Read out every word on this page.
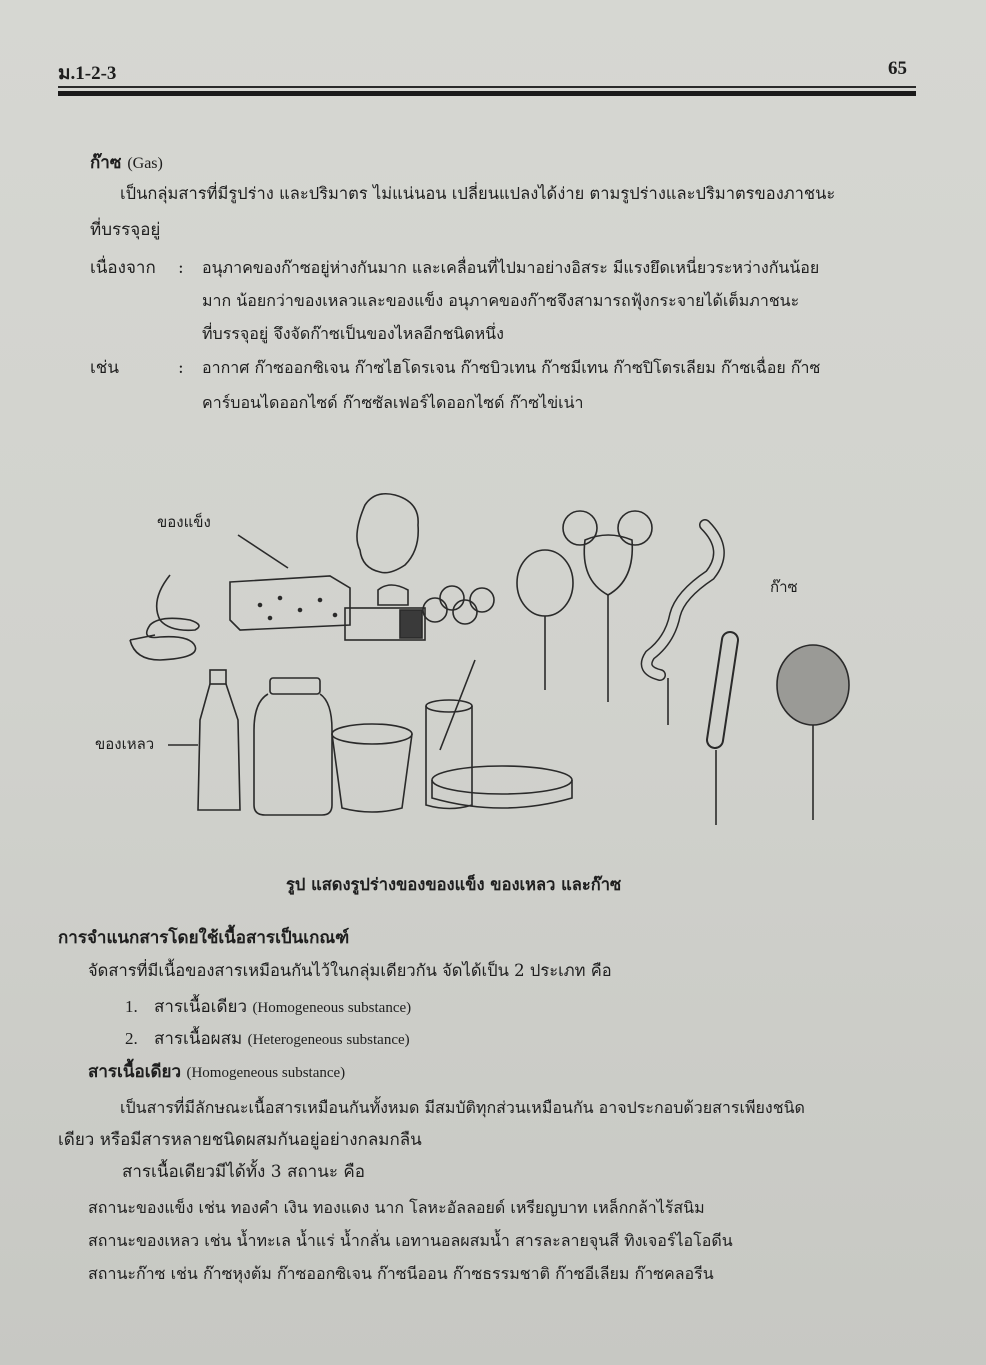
ม.1-2-3	65
ก๊าซ (Gas)
เป็นกลุ่มสารที่มีรูปร่าง และปริมาตร ไม่แน่นอน เปลี่ยนแปลงได้ง่าย ตามรูปร่างและปริมาตรของภาชนะ
ที่บรรจุอยู่
เนื่องจาก : อนุภาคของก๊าซอยู่ห่างกันมาก และเคลื่อนที่ไปมาอย่างอิสระ มีแรงยึดเหนี่ยวระหว่างกันน้อย
มาก น้อยกว่าของเหลวและของแข็ง อนุภาคของก๊าซจึงสามารถฟุ้งกระจายได้เต็มภาชนะ
ที่บรรจุอยู่ จึงจัดก๊าซเป็นของไหลอีกชนิดหนึ่ง
เช่น	: อากาศ ก๊าซออกซิเจน ก๊าซไฮโดรเจน ก๊าซบิวเทน ก๊าซมีเทน ก๊าซปิโตรเลียม ก๊าซเฉื่อย ก๊าซ
คาร์บอนไดออกไซด์ ก๊าซซัลเฟอร์ไดออกไซด์ ก๊าซไข่เน่า
ของแข็ง
ของเหลว
ก๊าซ
รูป แสดงรูปร่างของของแข็ง ของเหลว และก๊าซ
การจำแนกสารโดยใช้เนื้อสารเป็นเกณฑ์
จัดสารที่มีเนื้อของสารเหมือนกันไว้ในกลุ่มเดียวกัน จัดได้เป็น 2 ประเภท คือ
1. สารเนื้อเดียว (Homogeneous substance)
2. สารเนื้อผสม (Heterogeneous substance)
สารเนื้อเดียว (Homogeneous substance)
เป็นสารที่มีลักษณะเนื้อสารเหมือนกันทั้งหมด มีสมบัติทุกส่วนเหมือนกัน อาจประกอบด้วยสารเพียงชนิด
เดียว หรือมีสารหลายชนิดผสมกันอยู่อย่างกลมกลืน
สารเนื้อเดียวมีได้ทั้ง 3 สถานะ คือ
สถานะของแข็ง เช่น ทองคำ เงิน ทองแดง นาก โลหะอัลลอยด์ เหรียญบาท เหล็กกล้าไร้สนิม
สถานะของเหลว เช่น น้ำทะเล น้ำแร่ น้ำกลั่น เอทานอลผสมน้ำ สารละลายจุนสี ทิงเจอร์ไอโอดีน
สถานะก๊าซ เช่น ก๊าซหุงต้ม ก๊าซออกซิเจน ก๊าซนีออน ก๊าซธรรมชาติ ก๊าซอีเลียม ก๊าซคลอรีน
